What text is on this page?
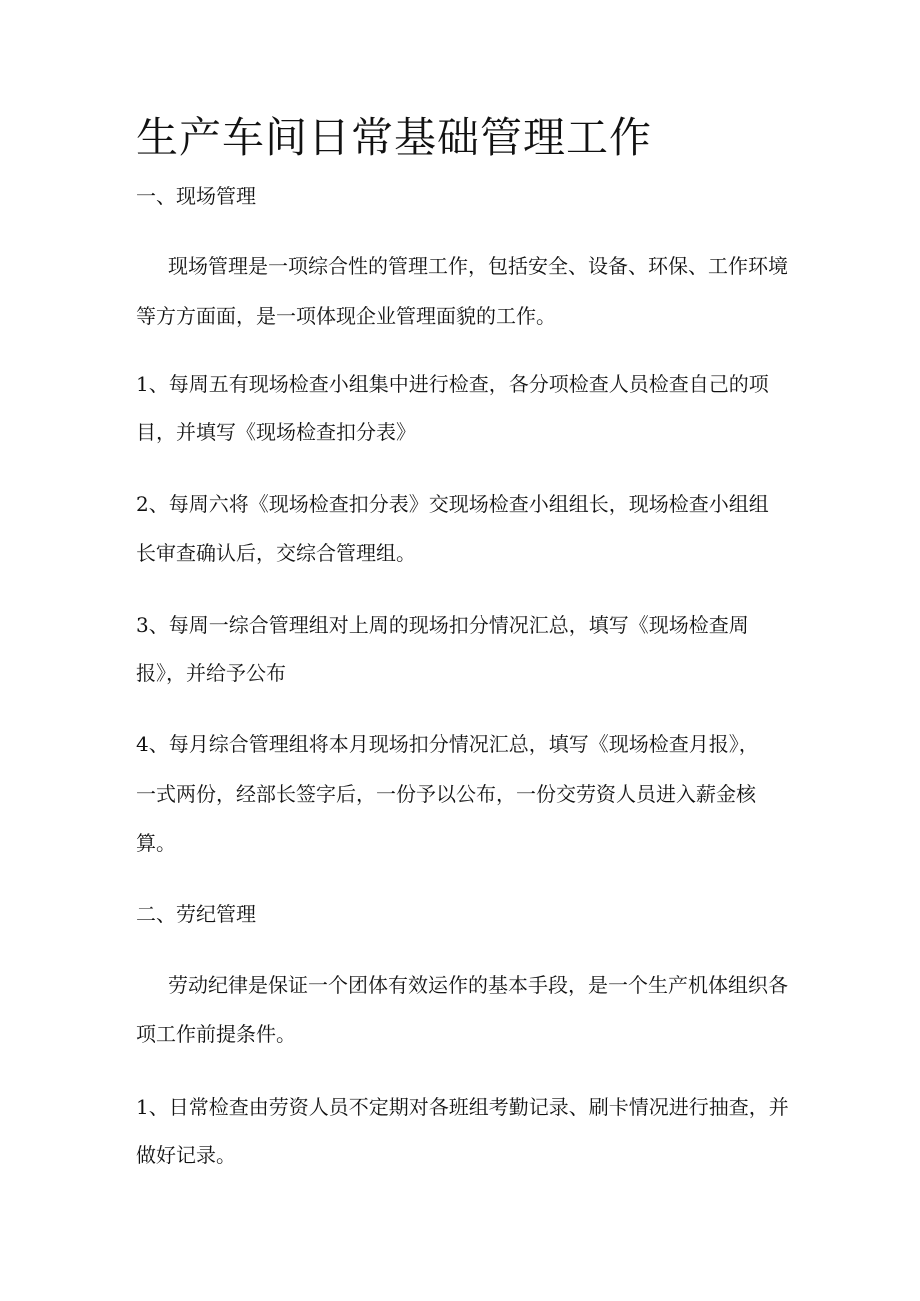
生产车间日常基础管理工作

一、现场管理

现场管理是一项综合性的管理工作，包括安全、设备、环保、工作环境

等方方面面，是一项体现企业管理面貌的工作。

1、每周五有现场检查小组集中进行检查，各分项检查人员检查自己的项

目，并填写《现场检查扣分表》

2、每周六将《现场检查扣分表》交现场检查小组组长，现场检查小组组

长审查确认后，交综合管理组。

3、每周一综合管理组对上周的现场扣分情况汇总，填写《现场检查周

报》，并给予公布

4、每月综合管理组将本月现场扣分情况汇总，填写《现场检查月报》，

一式两份，经部长签字后，一份予以公布，一份交劳资人员进入薪金核

算。

二、劳纪管理

劳动纪律是保证一个团体有效运作的基本手段，是一个生产机体组织各

项工作前提条件。

1、日常检查由劳资人员不定期对各班组考勤记录、刷卡情况进行抽查，并

做好记录。
